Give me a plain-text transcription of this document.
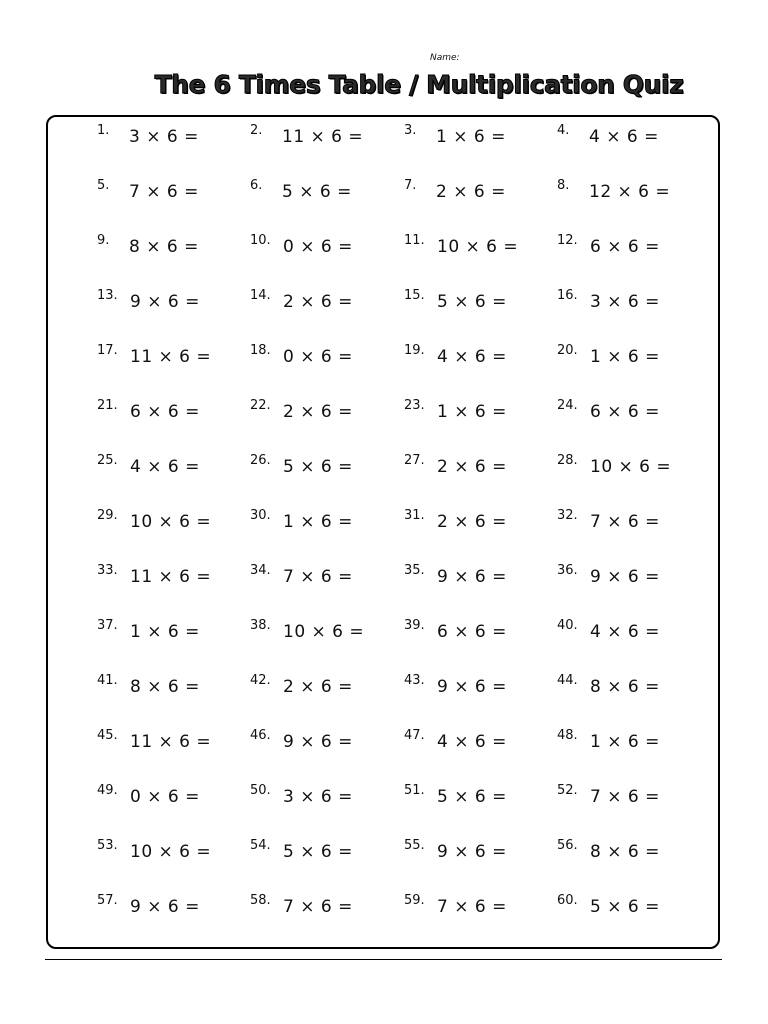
Name:
The 6 Times Table / Multiplication Quiz
1. 3 × 6 =	2. 11 × 6 =	3. 1 × 6 =	4. 4 × 6 =
5. 7 × 6 =	6. 5 × 6 =	7. 2 × 6 =	8. 12 × 6 =
9. 8 × 6 =	10. 0 × 6 =	11. 10 × 6 =	12. 6 × 6 =
13. 9 × 6 =	14. 2 × 6 =	15. 5 × 6 =	16. 3 × 6 =
17. 11 × 6 =	18. 0 × 6 =	19. 4 × 6 =	20. 1 × 6 =
21. 6 × 6 =	22. 2 × 6 =	23. 1 × 6 =	24. 6 × 6 =
25. 4 × 6 =	26. 5 × 6 =	27. 2 × 6 =	28. 10 × 6 =
29. 10 × 6 =	30. 1 × 6 =	31. 2 × 6 =	32. 7 × 6 =
33. 11 × 6 =	34. 7 × 6 =	35. 9 × 6 =	36. 9 × 6 =
37. 1 × 6 =	38. 10 × 6 =	39. 6 × 6 =	40. 4 × 6 =
41. 8 × 6 =	42. 2 × 6 =	43. 9 × 6 =	44. 8 × 6 =
45. 11 × 6 =	46. 9 × 6 =	47. 4 × 6 =	48. 1 × 6 =
49. 0 × 6 =	50. 3 × 6 =	51. 5 × 6 =	52. 7 × 6 =
53. 10 × 6 =	54. 5 × 6 =	55. 9 × 6 =	56. 8 × 6 =
57. 9 × 6 =	58. 7 × 6 =	59. 7 × 6 =	60. 5 × 6 =
